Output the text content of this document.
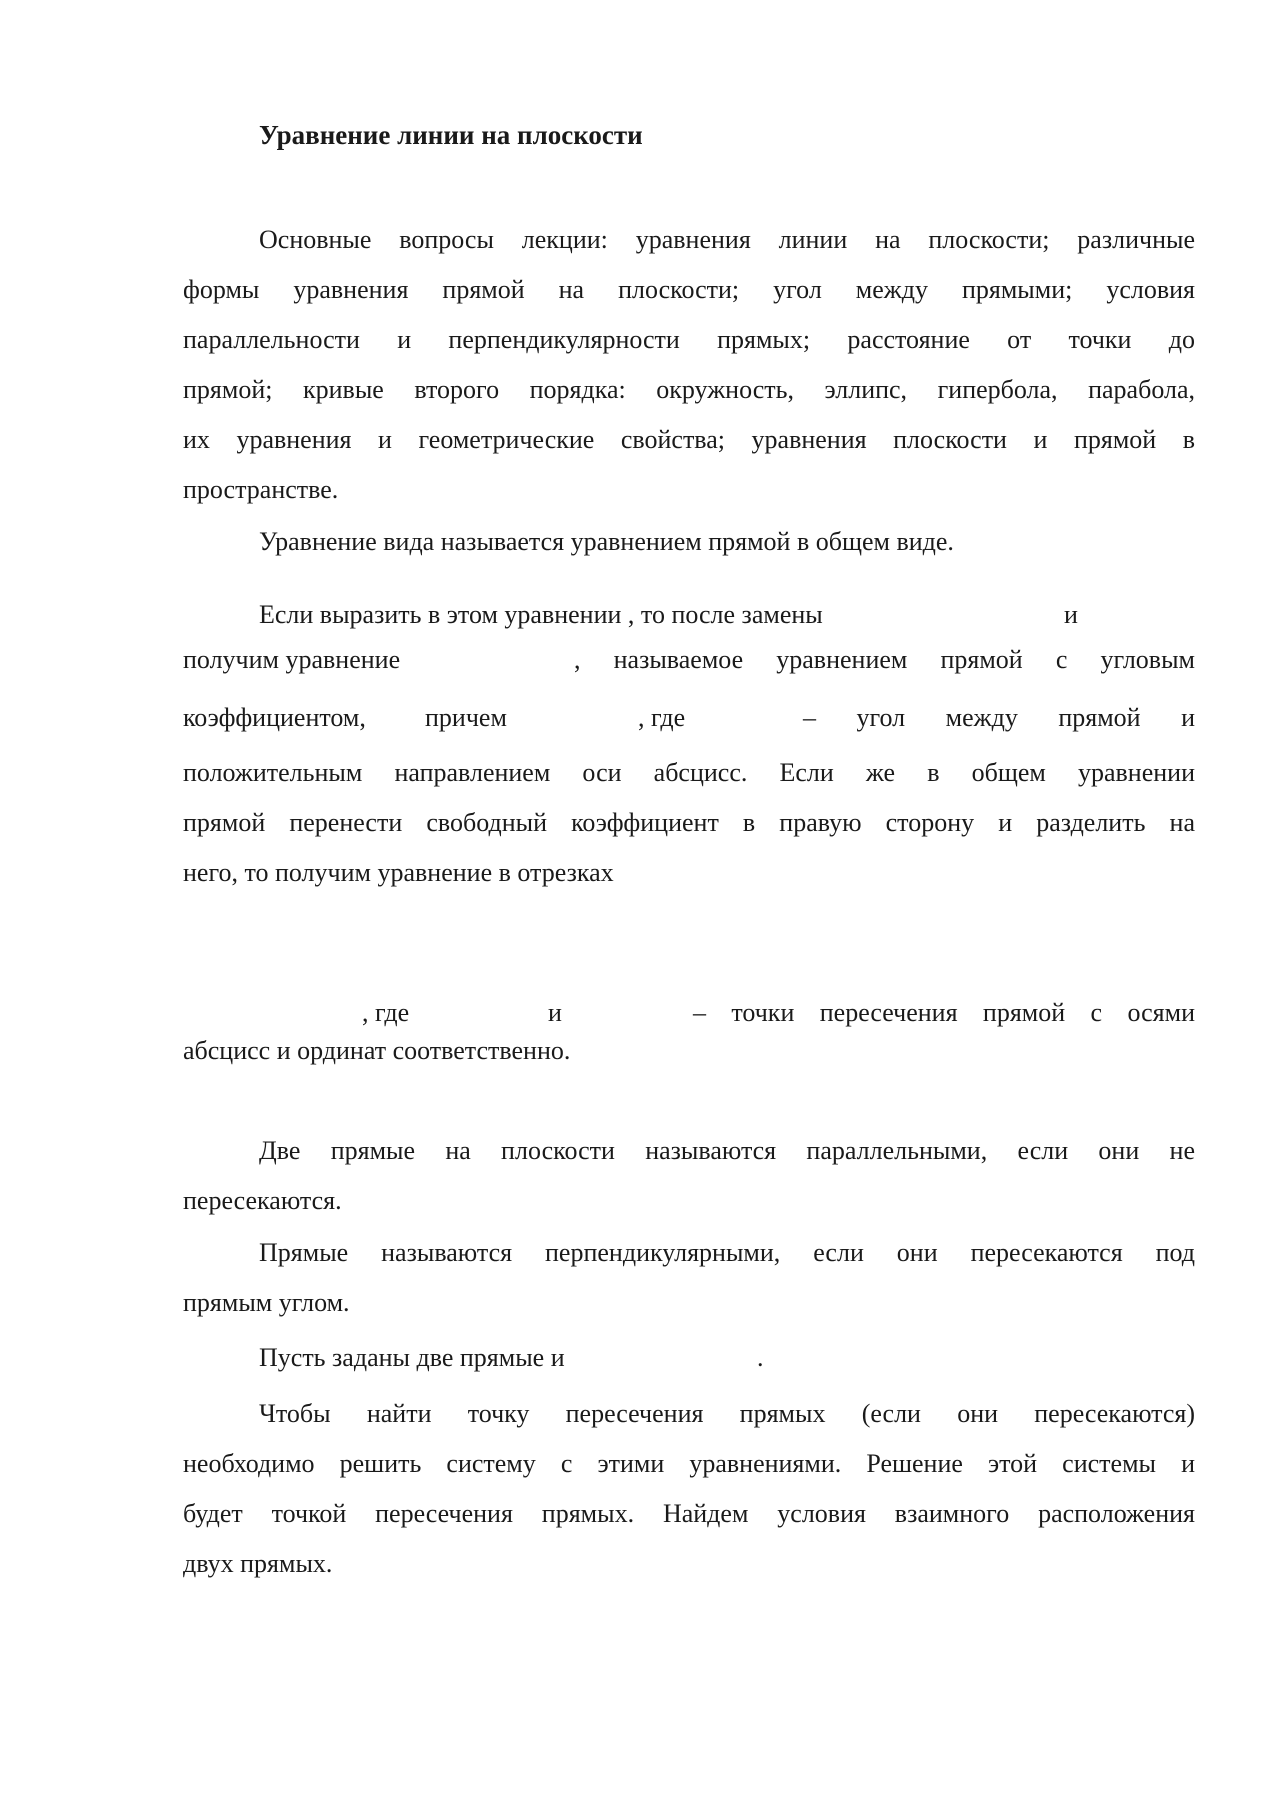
Уравнение линии на плоскости
Основные вопросы лекции: уравнения линии на плоскости; различные
формы уравнения прямой на плоскости; угол между прямыми; условия
параллельности и перпендикулярности прямых; расстояние от точки до
прямой; кривые второго порядка: окружность, эллипс, гипербола, парабола,
их уравнения и геометрические свойства; уравнения плоскости и прямой в
пространстве.
Уравнение вида называется уравнением прямой в общем виде.
Если выразить в этом уравнении , то после замены	и
получим уравнение	, называемое уравнением прямой с угловым
коэффициентом, причем	, где	– угол между прямой и
положительным направлением оси абсцисс. Если же в общем уравнении
прямой перенести свободный коэффициент в правую сторону и разделить на
него, то получим уравнение в отрезках
, где	и	– точки пересечения прямой с осями
абсцисс и ординат соответственно.
Две прямые на плоскости называются параллельными, если они не
пересекаются.
Прямые называются перпендикулярными, если они пересекаются под
прямым углом.
Пусть заданы две прямые и	.
Чтобы найти точку пересечения прямых (если они пересекаются)
необходимо решить систему с этими уравнениями. Решение этой системы и
будет точкой пересечения прямых. Найдем условия взаимного расположения
двух прямых.
